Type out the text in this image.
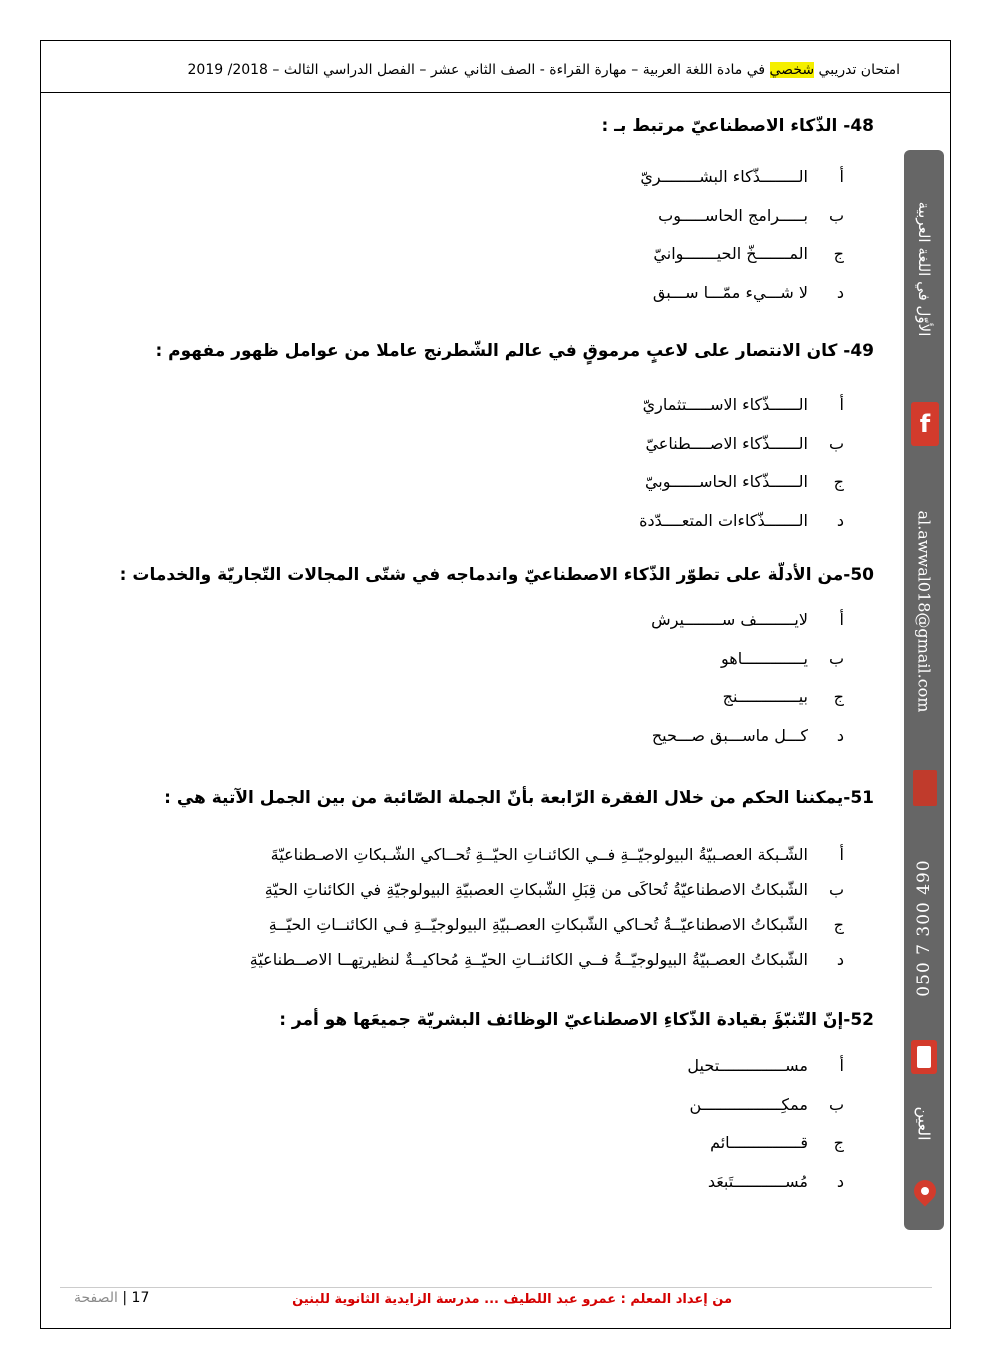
امتحان تدريبي شخصي في مادة اللغة العربية – مهارة القراءة - الصف الثاني عشر – الفصل الدراسي الثالث – 2018/ 2019
48- الذّكاء الاصطناعيّ مرتبط بـ :
أ
الــــــــذّكاء البشــــــــريّ
ب
بـــــرامج الحاســـــوب
ج
المـــــــخّ الحيـــــــوانيّ
د
لا شـــيء ممّـــا ســـبق
49- كان الانتصار على لاعبٍ مرموقٍ في عالم الشّطرنج عاملا من عوامل ظهور مفهوم :
أ
الــــــذّكاء الاســـــتثماريّ
ب
الــــــذّكاء الاصــــطناعيّ
ج
الــــــذّكاء الحاســــــوبيّ
د
الـــــــذّكاءات المتعــــدّدة
50-من الأدلّة على تطوّر الذّكاء الاصطناعيّ واندماجه في شتّى المجالات التّجاريّة والخدمات :
أ
لايــــــــف ســــــــيرش
ب
يـــــــــــــاهو
ج
بيـــــــــــــنج
د
كـــل ماســـبق صـــحيح
51-يمكننا الحكم من خلال الفقرة الرّابعة بأنّ الجملة الصّائبة من بين الجمل الآتية هي :
أ
الشّـبكة العصـبيّةُ البيولوجيّــةِ فــي الكائنـاتِ الحيّــةِ تُحــاكي الشّـبكاتِ الاصـطناعيّةَ
ب
الشّبكاتُ الاصطناعيّةُ تُحاكَى من قِبَلِ الشّبكاتِ العصبيّةِ البيولوجيّةِ في الكائناتِ الحيّةِ
ج
الشّبكاتُ الاصطناعيّــةُ تُحـاكي الشّبكاتِ العصـبيّةِ البيولوجيّــةِ فـي الكائنــاتِ الحيّــةِ
د
الشّبكاتُ العصـبيّةُ البيولوجيّــةُ فــي الكائنــاتِ الحيّــةِ مُحاكيــةٌ لنظيرتِهــا الاصــطناعيّةِ
52-إنّ التّنبّؤَ بقيادة الذّكاءِ الاصطناعيّ الوظائف البشريّة جميعَها هو أمر :
أ
مســــــــــــــتحيل
ب
ممكِـــــــــــــــــن
ج
قـــــــــــــــائم
د
مُســـــــــــتَبعَد
الأوّل في اللغة العربية
f
al.awwal018@gmail.com
050 7 300 490
العين
من إعداد المعلم : عمرو عبد اللطيف ... مدرسة الزايدية الثانوية للبنين
17 | الصفحة
